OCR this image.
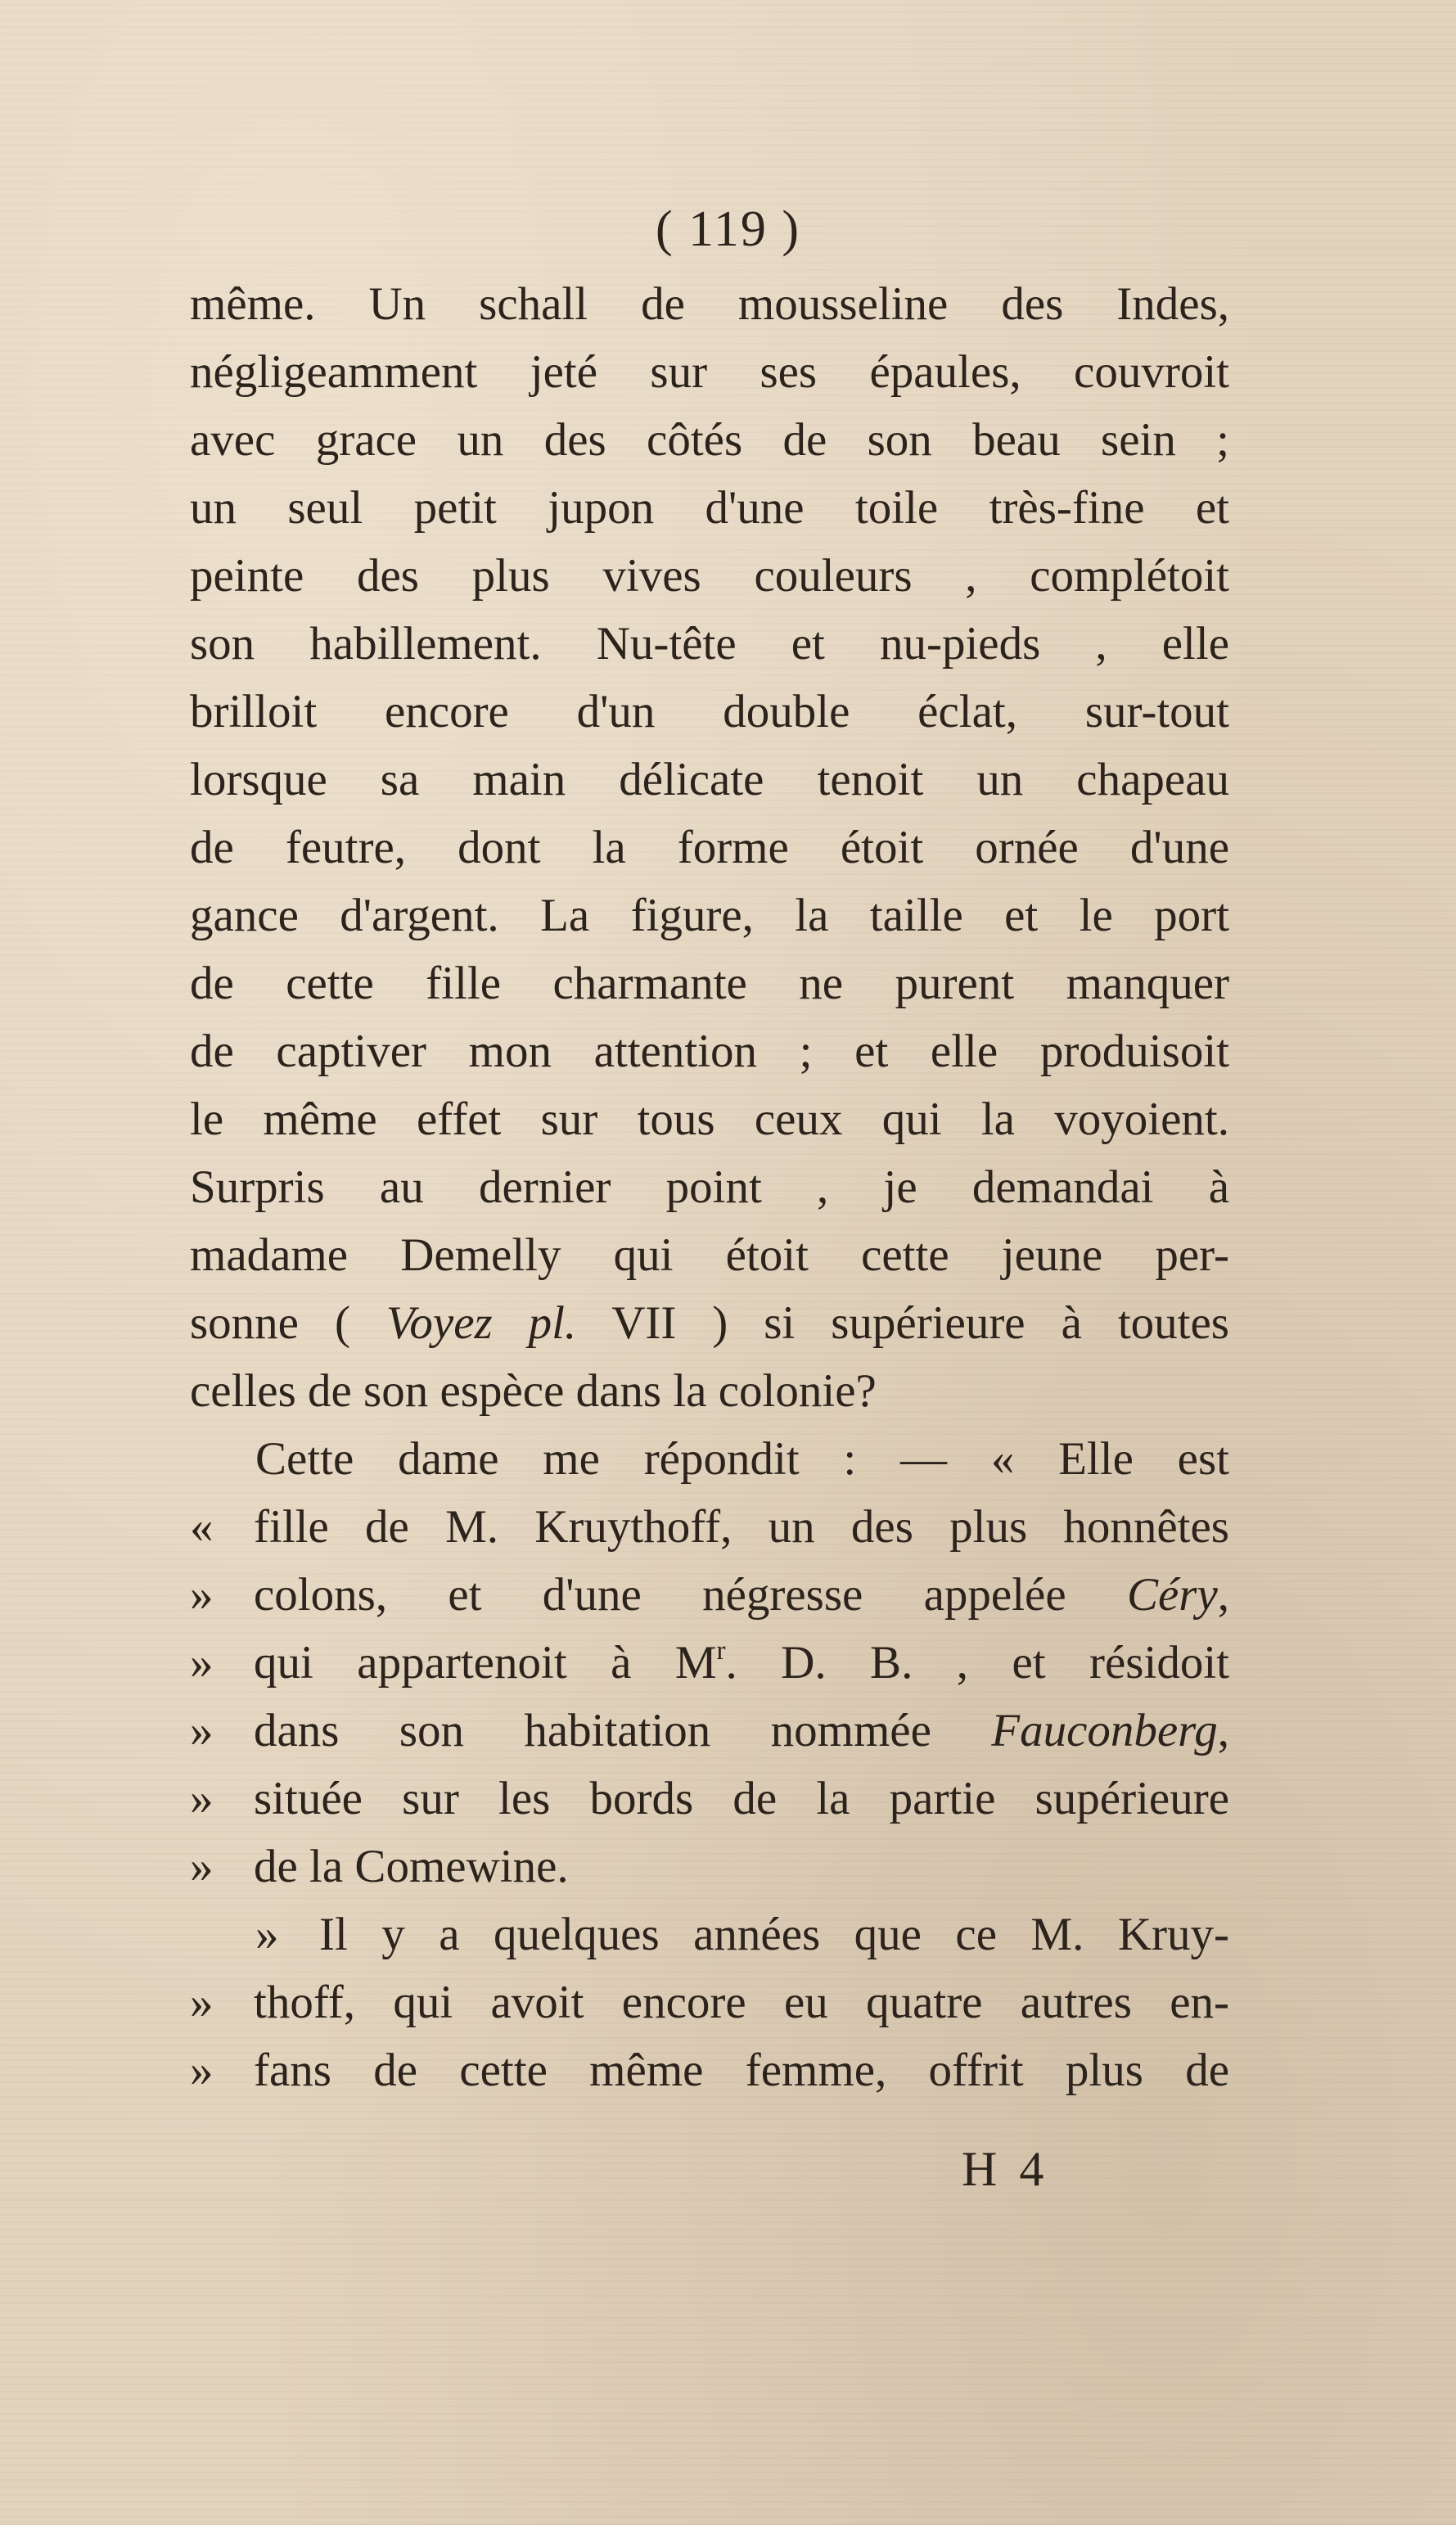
( 119 )
même. Un schall de mousseline des Indes,
négligeamment jeté sur ses épaules, couvroit
avec grace un des côtés de son beau sein ;
un seul petit jupon d'une toile très-fine et
peinte des plus vives couleurs , complétoit
son habillement. Nu-tête et nu-pieds , elle
brilloit encore d'un double éclat, sur-tout
lorsque sa main délicate tenoit un chapeau
de feutre, dont la forme étoit ornée d'une
gance d'argent. La figure, la taille et le port
de cette fille charmante ne purent manquer
de captiver mon attention ; et elle produisoit
le même effet sur tous ceux qui la voyoient.
Surpris au dernier point , je demandai à
madame Demelly qui étoit cette jeune per-
sonne ( Voyez pl. VII ) si supérieure à toutes
celles de son espèce dans la colonie?
Cette dame me répondit : — « Elle est
« fille de M. Kruythoff, un des plus honnêtes
» colons, et d'une négresse appelée Céry,
» qui appartenoit à $M^r$. D. B. , et résidoit
» dans son habitation nommée Fauconberg,
» située sur les bords de la partie supérieure
» de la Comewine.
» Il y a quelques années que ce M. Kruy-
» thoff, qui avoit encore eu quatre autres en-
» fans de cette même femme, offrit plus de
H 4
